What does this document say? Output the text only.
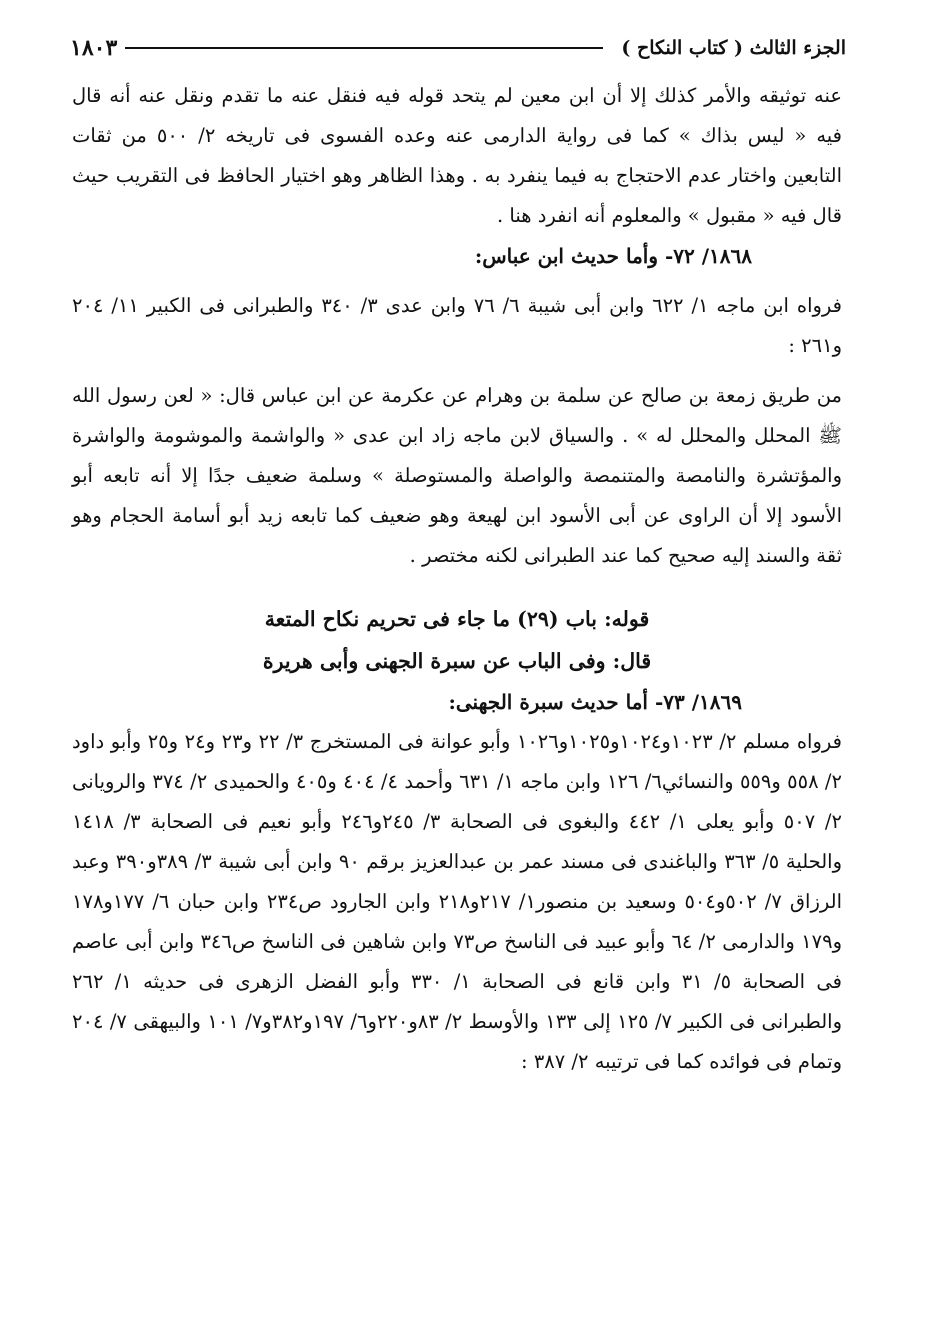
الجزء الثالث ( كتاب النكاح )
١٨٠٣

عنه توثيقه والأمر كذلك إلا أن ابن معين لم يتحد قوله فيه فنقل عنه ما تقدم ونقل عنه أنه قال فيه « ليس بذاك » كما فى رواية الدارمى عنه وعده الفسوى فى تاريخه ٢/ ٥٠٠ من ثقات التابعين واختار عدم الاحتجاج به فيما ينفرد به . وهذا الظاهر وهو اختيار الحافظ فى التقريب حيث قال فيه « مقبول » والمعلوم أنه انفرد هنا .

١٨٦٨/ ٧٢- وأما حديث ابن عباس:

فرواه ابن ماجه ١/ ٦٢٢ وابن أبى شيبة ٦/ ٧٦ وابن عدى ٣/ ٣٤٠ والطبرانى فى الكبير ١١/ ٢٠٤ و٢٦١ :

من طريق زمعة بن صالح عن سلمة بن وهرام عن عكرمة عن ابن عباس قال: « لعن رسول الله ﷺ المحلل والمحلل له » . والسياق لابن ماجه زاد ابن عدى « والواشمة والموشومة والواشرة والمؤتشرة والنامصة والمتنمصة والواصلة والمستوصلة » وسلمة ضعيف جدًا إلا أنه تابعه أبو الأسود إلا أن الراوى عن أبى الأسود ابن لهيعة وهو ضعيف كما تابعه زيد أبو أسامة الحجام وهو ثقة والسند إليه صحيح كما عند الطبرانى لكنه مختصر .

قوله: باب (٢٩) ما جاء فى تحريم نكاح المتعة

قال: وفى الباب عن سبرة الجهنى وأبى هريرة

١٨٦٩/ ٧٣- أما حديث سبرة الجهنى:

فرواه مسلم ٢/ ١٠٢٣و١٠٢٤و١٠٢٥و١٠٢٦ وأبو عوانة فى المستخرج ٣/ ٢٢ و٢٣ و٢٤ و٢٥ وأبو داود ٢/ ٥٥٨ و٥٥٩ والنسائي٦/ ١٢٦ وابن ماجه ١/ ٦٣١ وأحمد ٤/ ٤٠٤ و٤٠٥ والحميدى ٢/ ٣٧٤ والرويانى ٢/ ٥٠٧ وأبو يعلى ١/ ٤٤٢ والبغوى فى الصحابة ٣/ ٢٤٥و٢٤٦ وأبو نعيم فى الصحابة ٣/ ١٤١٨ والحلية ٥/ ٣٦٣ والباغندى فى مسند عمر بن عبدالعزيز برقم ٩٠ وابن أبى شيبة ٣/ ٣٨٩و٣٩٠ وعبد الرزاق ٧/ ٥٠٢و٥٠٤ وسعيد بن منصور١/ ٢١٧و٢١٨ وابن الجارود ص٢٣٤ وابن حبان ٦/ ١٧٧و١٧٨ و١٧٩ والدارمى ٢/ ٦٤ وأبو عبيد فى الناسخ ص٧٣ وابن شاهين فى الناسخ ص٣٤٦ وابن أبى عاصم فى الصحابة ٥/ ٣١ وابن قانع فى الصحابة ١/ ٣٣٠ وأبو الفضل الزهرى فى حديثه ١/ ٢٦٢ والطبرانى فى الكبير ٧/ ١٢٥ إلى ١٣٣ والأوسط ٢/ ٨٣و٢٢٠و٦/ ١٩٧و٣٨٢و٧/ ١٠١ والبيهقى ٧/ ٢٠٤ وتمام فى فوائده كما فى ترتيبه ٢/ ٣٨٧ :
